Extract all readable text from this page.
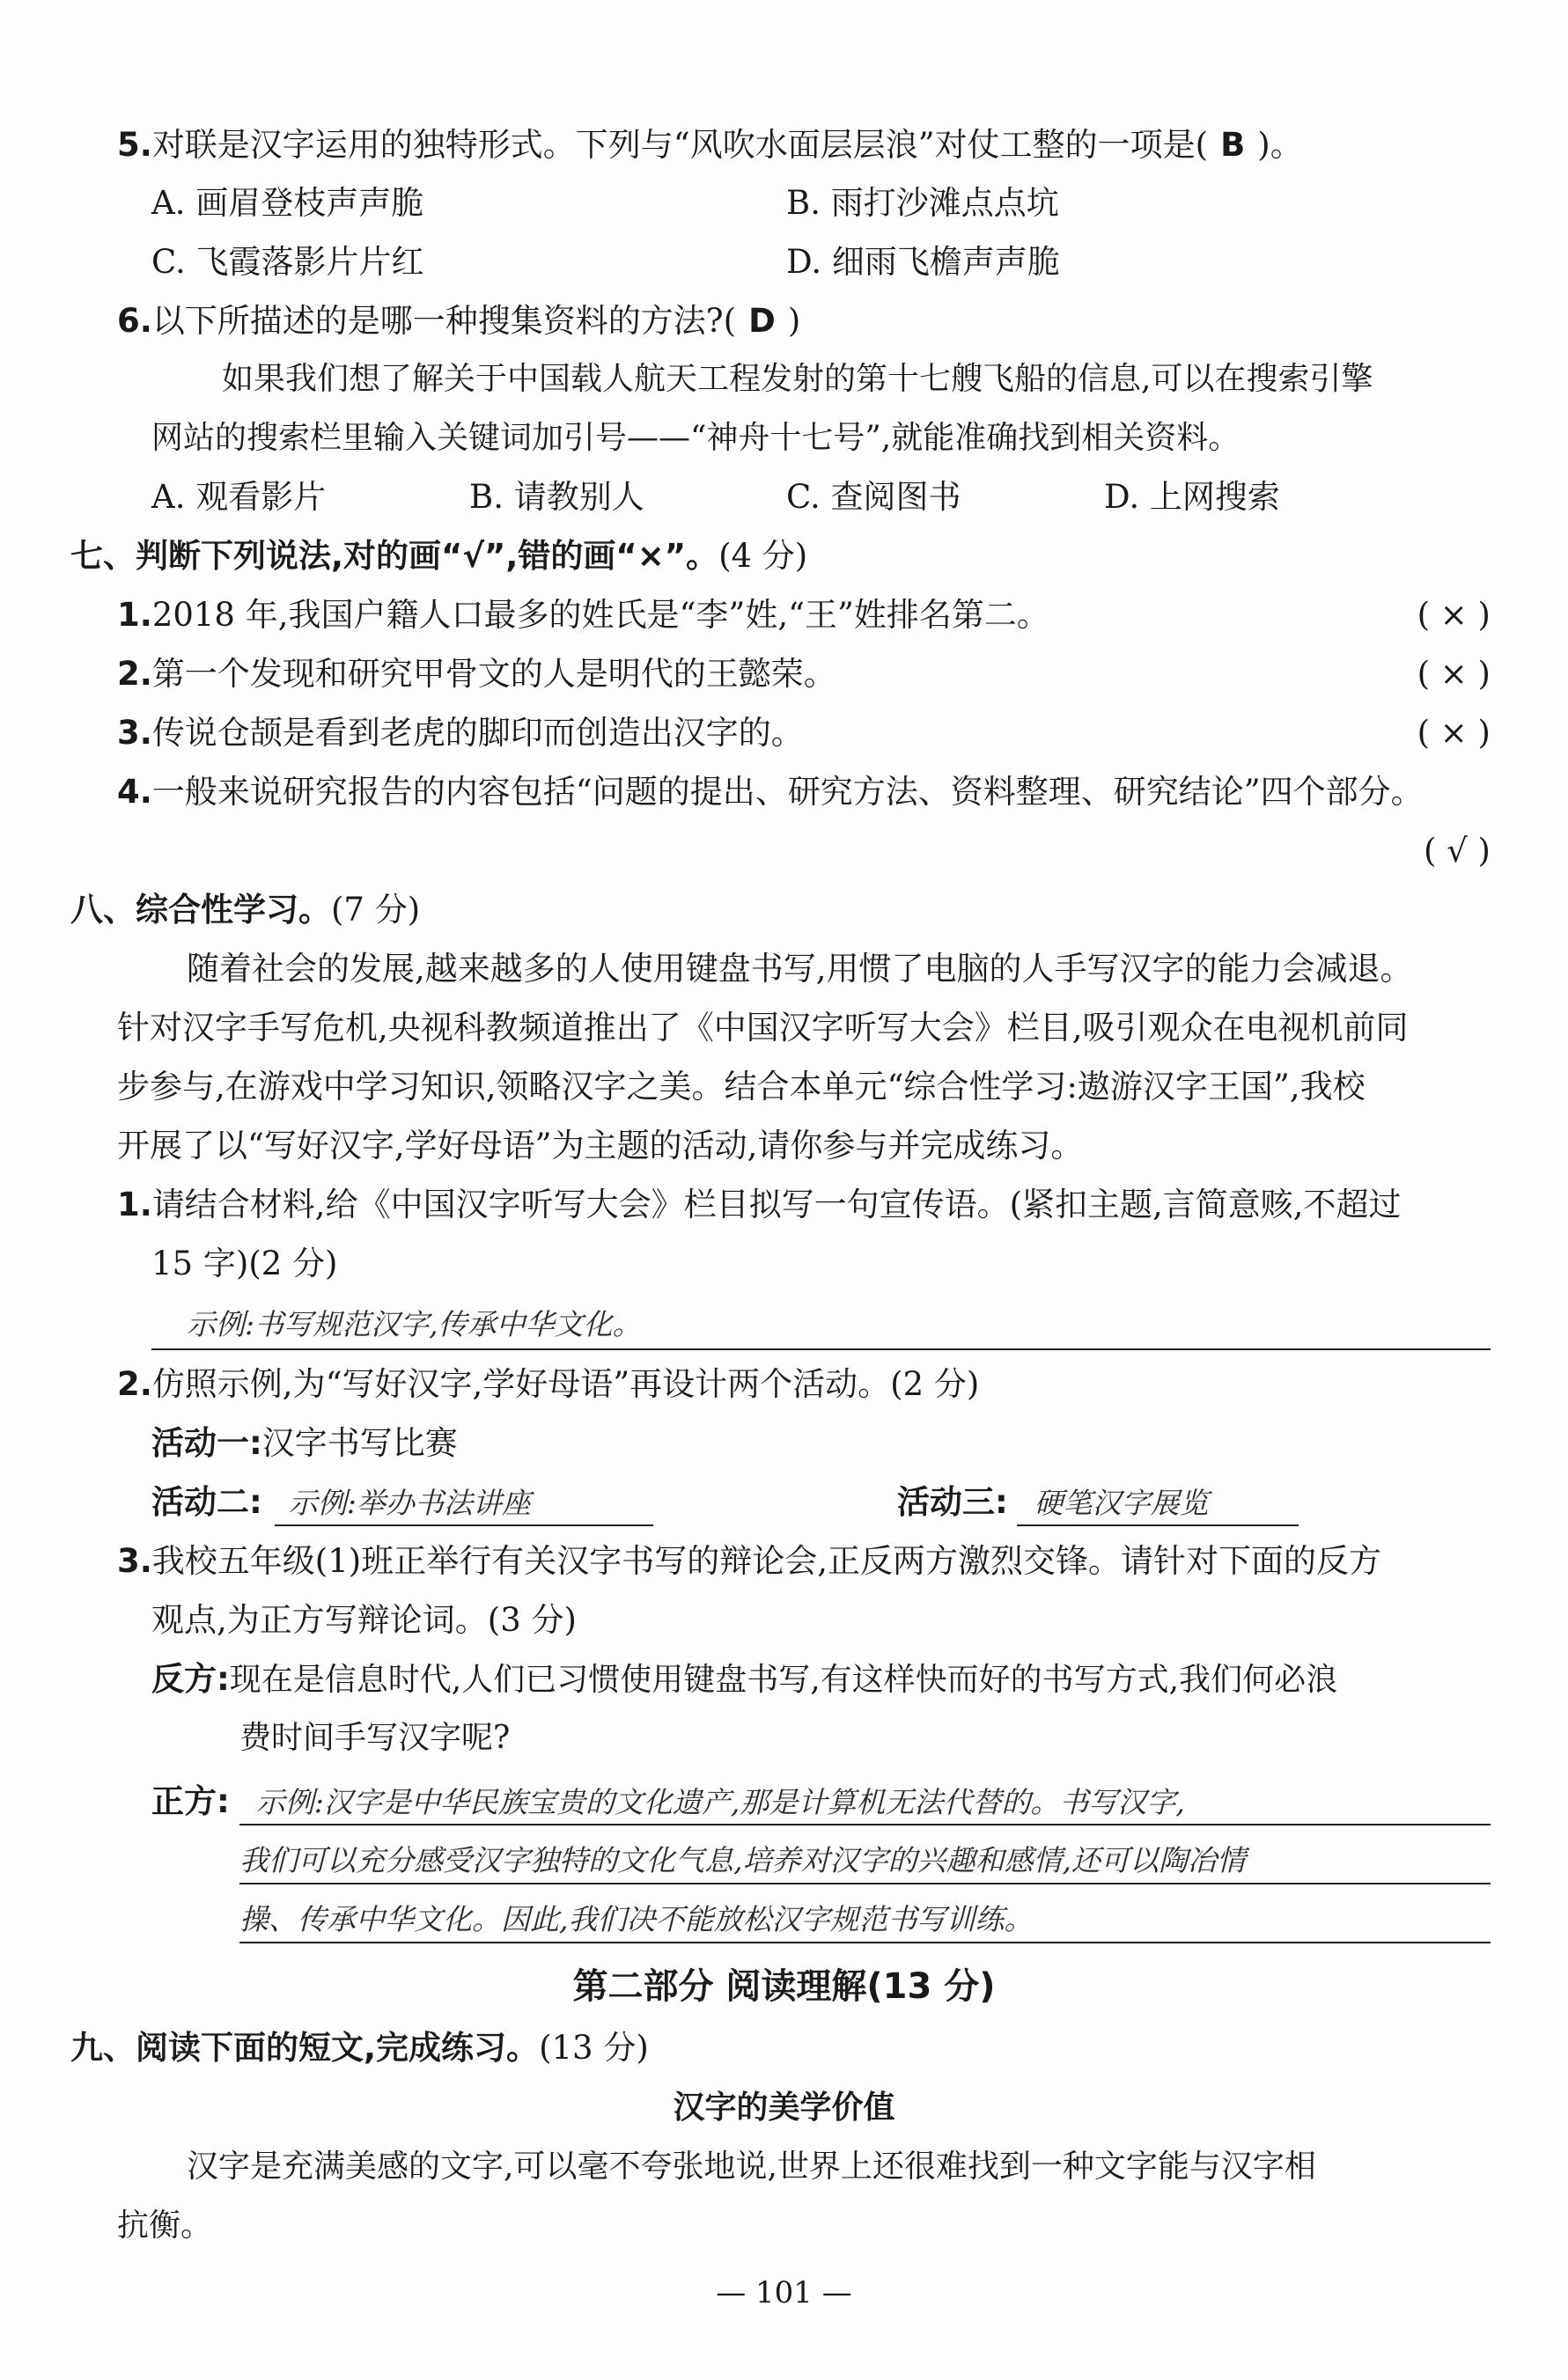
5.对联是汉字运用的独特形式。下列与“风吹水面层层浪”对仗工整的一项是( B )。
A. 画眉登枝声声脆	B. 雨打沙滩点点坑
C. 飞霞落影片片红	D. 细雨飞檐声声脆
6.以下所描述的是哪一种搜集资料的方法?( D )
如果我们想了解关于中国载人航天工程发射的第十七艘飞船的信息,可以在搜索引擎
网站的搜索栏里输入关键词加引号——“神舟十七号”,就能准确找到相关资料。
A. 观看影片	B. 请教别人	C. 查阅图书	D. 上网搜索
七、判断下列说法,对的画“√”,错的画“×”。(4 分)
1.2018 年,我国户籍人口最多的姓氏是“李”姓,“王”姓排名第二。	( × )
2.第一个发现和研究甲骨文的人是明代的王懿荣。	( × )
3.传说仓颉是看到老虎的脚印而创造出汉字的。	( × )
4.一般来说研究报告的内容包括“问题的提出、研究方法、资料整理、研究结论”四个部分。
( √ )
八、综合性学习。(7 分)
随着社会的发展,越来越多的人使用键盘书写,用惯了电脑的人手写汉字的能力会减退。
针对汉字手写危机,央视科教频道推出了《中国汉字听写大会》栏目,吸引观众在电视机前同
步参与,在游戏中学习知识,领略汉字之美。结合本单元“综合性学习:遨游汉字王国”,我校
开展了以“写好汉字,学好母语”为主题的活动,请你参与并完成练习。
1.请结合材料,给《中国汉字听写大会》栏目拟写一句宣传语。(紧扣主题,言简意赅,不超过
15 字)(2 分)
示例:书写规范汉字,传承中华文化。
2.仿照示例,为“写好汉字,学好母语”再设计两个活动。(2 分)
活动一:汉字书写比赛
活动二: 示例:举办书法讲座	活动三: 硬笔汉字展览
3.我校五年级(1)班正举行有关汉字书写的辩论会,正反两方激烈交锋。请针对下面的反方
观点,为正方写辩论词。(3 分)
反方:现在是信息时代,人们已习惯使用键盘书写,有这样快而好的书写方式,我们何必浪
费时间手写汉字呢?
正方: 示例:汉字是中华民族宝贵的文化遗产,那是计算机无法代替的。书写汉字,
我们可以充分感受汉字独特的文化气息,培养对汉字的兴趣和感情,还可以陶冶情
操、传承中华文化。因此,我们决不能放松汉字规范书写训练。
第二部分 阅读理解(13 分)
九、阅读下面的短文,完成练习。(13 分)
汉字的美学价值
汉字是充满美感的文字,可以毫不夸张地说,世界上还很难找到一种文字能与汉字相
抗衡。
— 101 —
